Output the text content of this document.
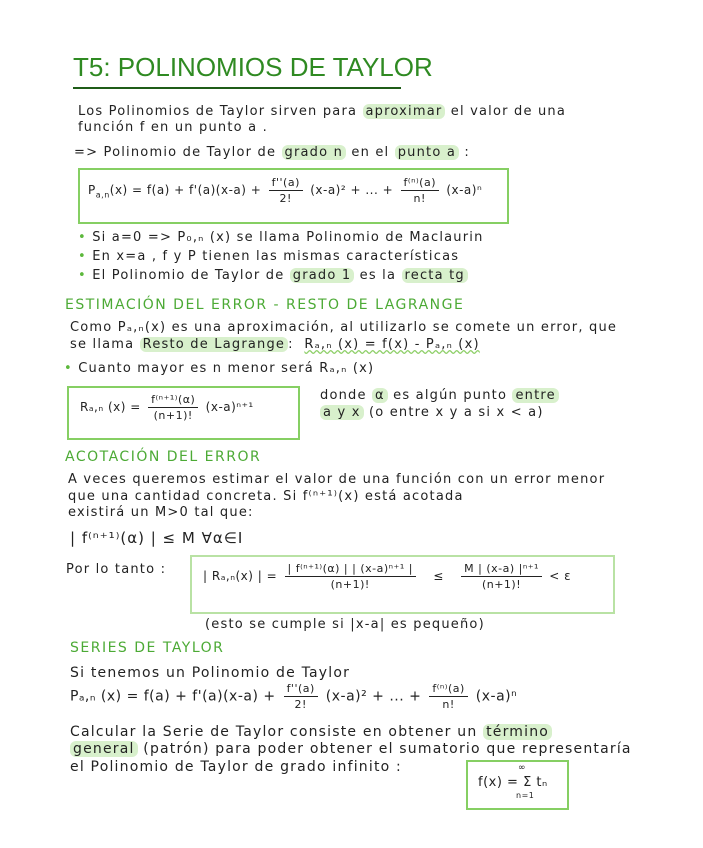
T5: POLINOMIOS DE TAYLOR
Los Polinomios de Taylor sirven para aproximar el valor de una
función f en un punto a .
=> Polinomio de Taylor de grado n en el punto a :
$P_{a,n}(x) = f(a) + f'(a)(x-a) + \frac{f''(a)}{2!} (x-a)^2$ + ... + $\frac{\text{f⁽ⁿ⁾(a)}}{n!} (x-a)^n$
• Si a=0 => P₀,ₙ (x) se llama Polinomio de Maclaurin
• En x=a , f y P tienen las mismas características
• El Polinomio de Taylor de grado 1 es la recta tg
ESTIMACIÓN DEL ERROR - RESTO DE LAGRANGE
Como Pₐ,ₙ(x) es una aproximación, al utilizarlo se comete un error, que
se llama Resto de Lagrange : Rₐ,ₙ (x) = f(x) - Pₐ,ₙ (x)
• Cuanto mayor es n menor será Rₐ,ₙ (x)
Rₐ,ₙ $(x) = \frac{\text{f⁽ⁿ⁺¹⁾(α)}}{(n+1)!} (x-a)^{n+1}$
donde α es algún punto entre
a y x (o entre x y a si x < a)
ACOTACIÓN DEL ERROR
A veces queremos estimar el valor de una función con un error menor
que una cantidad concreta. Si f⁽ⁿ⁺¹⁾(x) está acotada
existirá un M>0 tal que:
| f⁽ⁿ⁺¹⁾(α) | ≤ M ∀α∈I
Por lo tanto :	| Rₐ,ₙ(x) | = $\frac{\text{| f⁽ⁿ⁺¹⁾(α) | | (x-a)ⁿ⁺¹ |}}{(n+1)!} \le \frac{\text{M | (x-a) |ⁿ⁺¹}}{(n+1)!} < \varepsilon$
(esto se cumple si |x-a| es pequeño)
SERIES DE TAYLOR
Si tenemos un Polinomio de Taylor
Pₐ,ₙ $(x) = f(a) + f'(a)(x-a) + \frac{f''(a)}{2!} (x-a)^2$ + ... + $\frac{\text{f⁽ⁿ⁾(a)}}{n!} (x-a)^n$
Calcular la Serie de Taylor consiste en obtener un término
general (patrón) para poder obtener el sumatorio que representaría
el Polinomio de Taylor de grado infinito :	∞
n=1
f(x) = Σ tₙ
